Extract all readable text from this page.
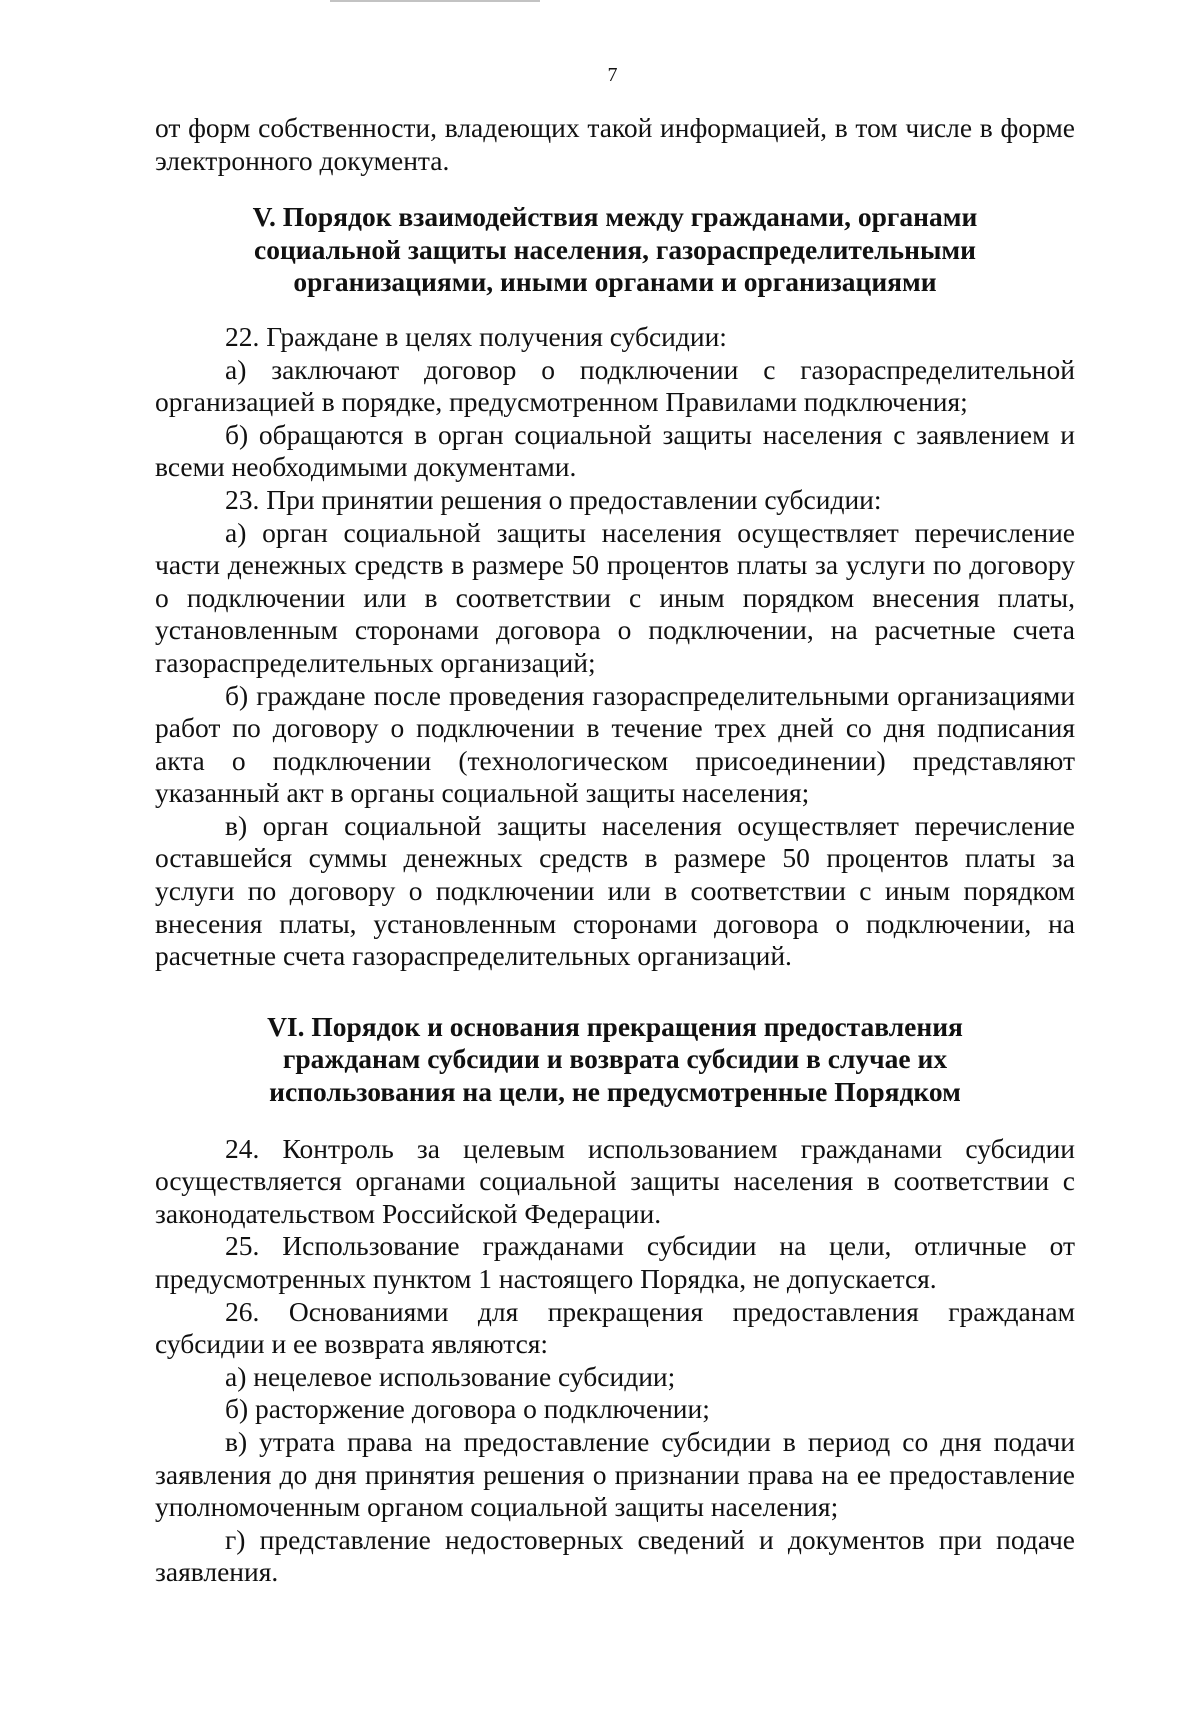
7

от форм собственности, владеющих такой информацией, в том числе в форме электронного документа.

V. Порядок взаимодействия между гражданами, органами
социальной защиты населения, газораспределительными
организациями, иными органами и организациями

22. Граждане в целях получения субсидии:

а) заключают договор о подключении с газораспределительной организацией в порядке, предусмотренном Правилами подключения;

б) обращаются в орган социальной защиты населения с заявлением и всеми необходимыми документами.

23. При принятии решения о предоставлении субсидии:

а) орган социальной защиты населения осуществляет перечисление части денежных средств в размере 50 процентов платы за услуги по договору о подключении или в соответствии с иным порядком внесения платы, установленным сторонами договора о подключении, на расчетные счета газораспределительных организаций;

б) граждане после проведения газораспределительными организациями работ по договору о подключении в течение трех дней со дня подписания акта о подключении (технологическом присоединении) представляют указанный акт в органы социальной защиты населения;

в) орган социальной защиты населения осуществляет перечисление оставшейся суммы денежных средств в размере 50 процентов платы за услуги по договору о подключении или в соответствии с иным порядком внесения платы, установленным сторонами договора о подключении, на расчетные счета газораспределительных организаций.

VI. Порядок и основания прекращения предоставления
гражданам субсидии и возврата субсидии в случае их
использования на цели, не предусмотренные Порядком

24. Контроль за целевым использованием гражданами субсидии осуществляется органами социальной защиты населения в соответствии с законодательством Российской Федерации.

25. Использование гражданами субсидии на цели, отличные от предусмотренных пунктом 1 настоящего Порядка, не допускается.

26. Основаниями для прекращения предоставления гражданам субсидии и ее возврата являются:

а) нецелевое использование субсидии;

б) расторжение договора о подключении;

в) утрата права на предоставление субсидии в период со дня подачи заявления до дня принятия решения о признании права на ее предоставление уполномоченным органом социальной защиты населения;

г) представление недостоверных сведений и документов при подаче заявления.
